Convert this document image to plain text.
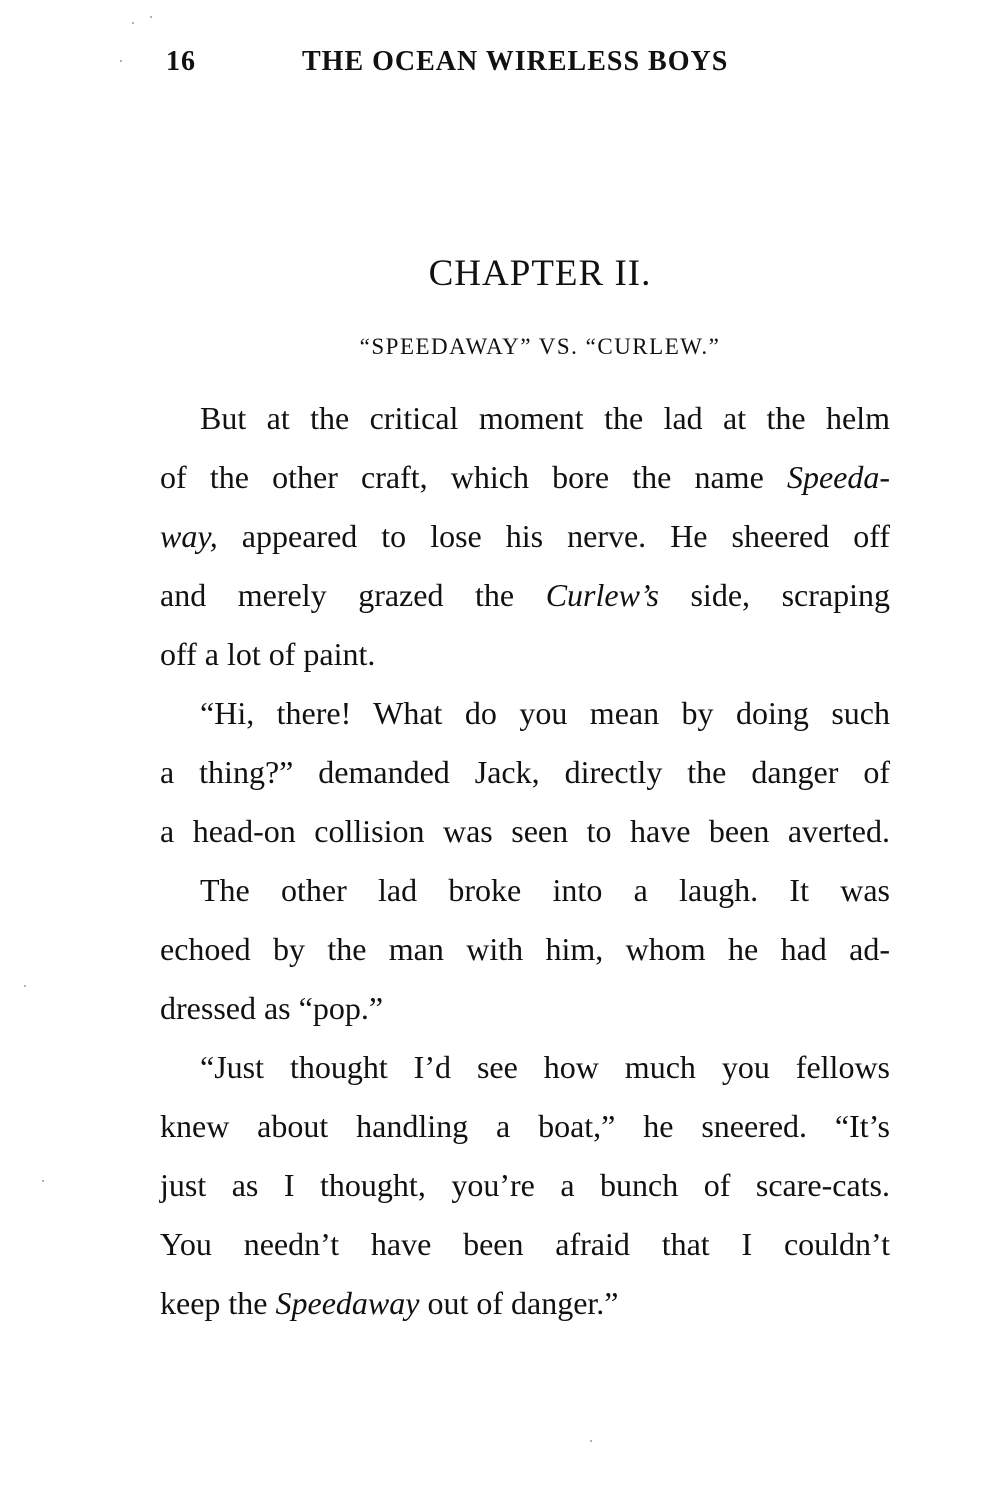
16	THE OCEAN WIRELESS BOYS
CHAPTER II.
“SPEEDAWAY” VS. “CURLEW.”
But at the critical moment the lad at the helm
of the other craft, which bore the name Speeda-
way, appeared to lose his nerve. He sheered off
and merely grazed the Curlew’s side, scraping
off a lot of paint.
“Hi, there! What do you mean by doing such
a thing?” demanded Jack, directly the danger of
a head-on collision was seen to have been averted.
The other lad broke into a laugh. It was
echoed by the man with him, whom he had ad-
dressed as “pop.”
“Just thought I’d see how much you fellows
knew about handling a boat,” he sneered. “It’s
just as I thought, you’re a bunch of scare-cats.
You needn’t have been afraid that I couldn’t
keep the Speedaway out of danger.”
